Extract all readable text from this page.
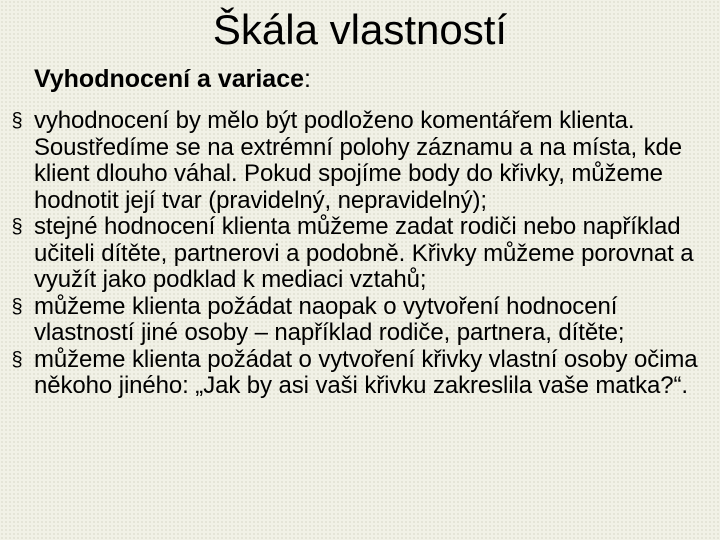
Škála vlastností
Vyhodnocení a variace:
§ vyhodnocení by mělo být podloženo komentářem klienta. Soustředíme se na extrémní polohy záznamu a na místa, kde klient dlouho váhal. Pokud spojíme body do křivky, můžeme hodnotit její tvar (pravidelný, nepravidelný);
§ stejné hodnocení klienta můžeme zadat rodiči nebo například učiteli dítěte, partnerovi a podobně. Křivky můžeme porovnat a využít jako podklad k mediaci vztahů;
§ můžeme klienta požádat naopak o vytvoření hodnocení vlastností jiné osoby – například rodiče, partnera, dítěte;
§ můžeme klienta požádat o vytvoření křivky vlastní osoby očima někoho jiného: „Jak by asi vaši křivku zakreslila vaše matka?“.
